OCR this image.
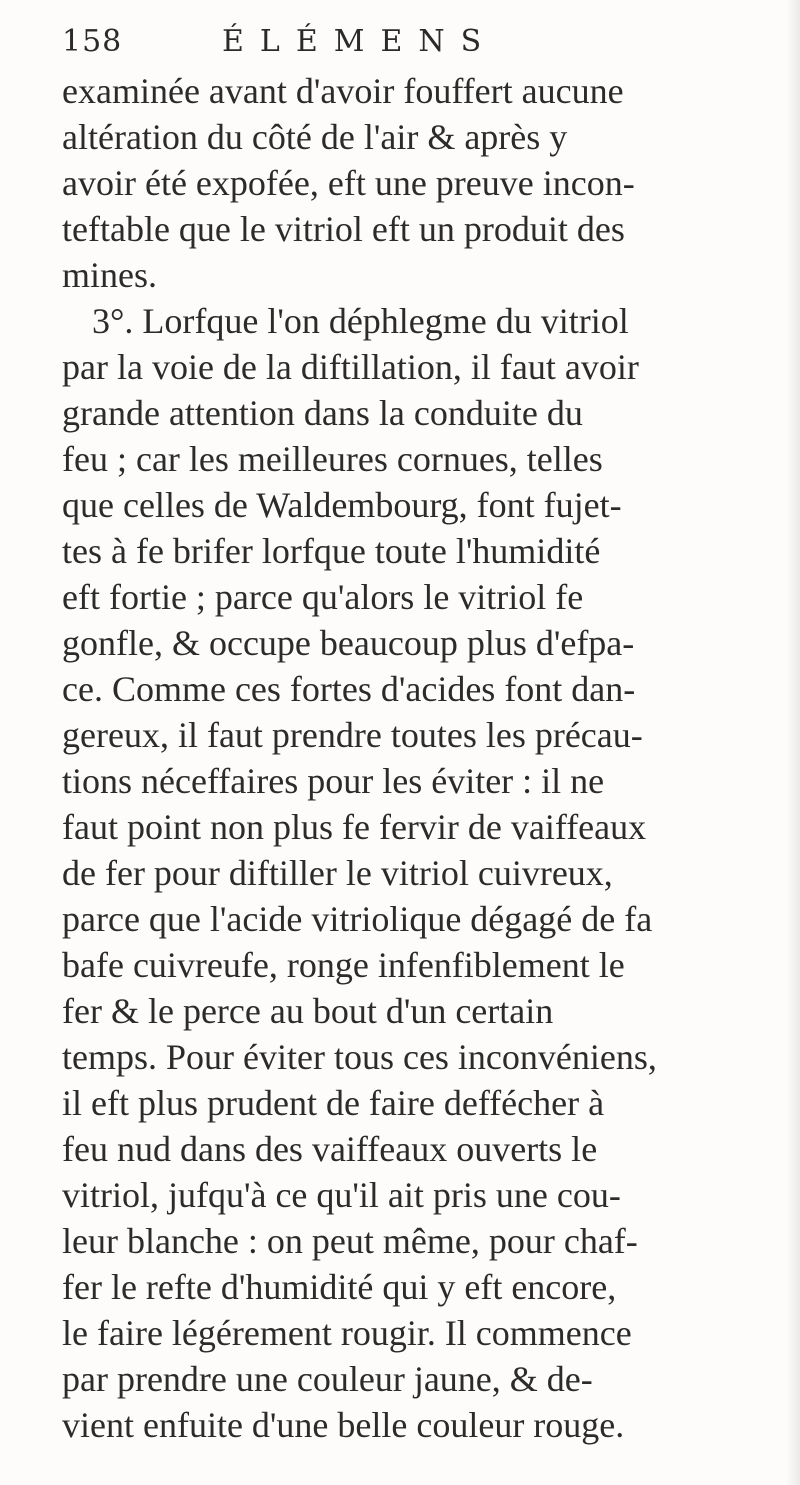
158	ÉLÉMENS
examinée avant d'avoir fouffert aucune
altération du côté de l'air & après y
avoir été expofée, eft une preuve incon-
teftable que le vitriol eft un produit des
mines.
3°. Lorfque l'on déphlegme du vitriol
par la voie de la diftillation, il faut avoir
grande attention dans la conduite du
feu ; car les meilleures cornues, telles
que celles de Waldembourg, font fujet-
tes à fe brifer lorfque toute l'humidité
eft fortie ; parce qu'alors le vitriol fe
gonfle, & occupe beaucoup plus d'efpa-
ce. Comme ces fortes d'acides font dan-
gereux, il faut prendre toutes les précau-
tions néceffaires pour les éviter : il ne
faut point non plus fe fervir de vaiffeaux
de fer pour diftiller le vitriol cuivreux,
parce que l'acide vitriolique dégagé de fa
bafe cuivreufe, ronge infenfiblement le
fer & le perce au bout d'un certain
temps. Pour éviter tous ces inconvéniens,
il eft plus prudent de faire deffécher à
feu nud dans des vaiffeaux ouverts le
vitriol, jufqu'à ce qu'il ait pris une cou-
leur blanche : on peut même, pour chaf-
fer le refte d'humidité qui y eft encore,
le faire légérement rougir. Il commence
par prendre une couleur jaune, & de-
vient enfuite d'une belle couleur rouge.
